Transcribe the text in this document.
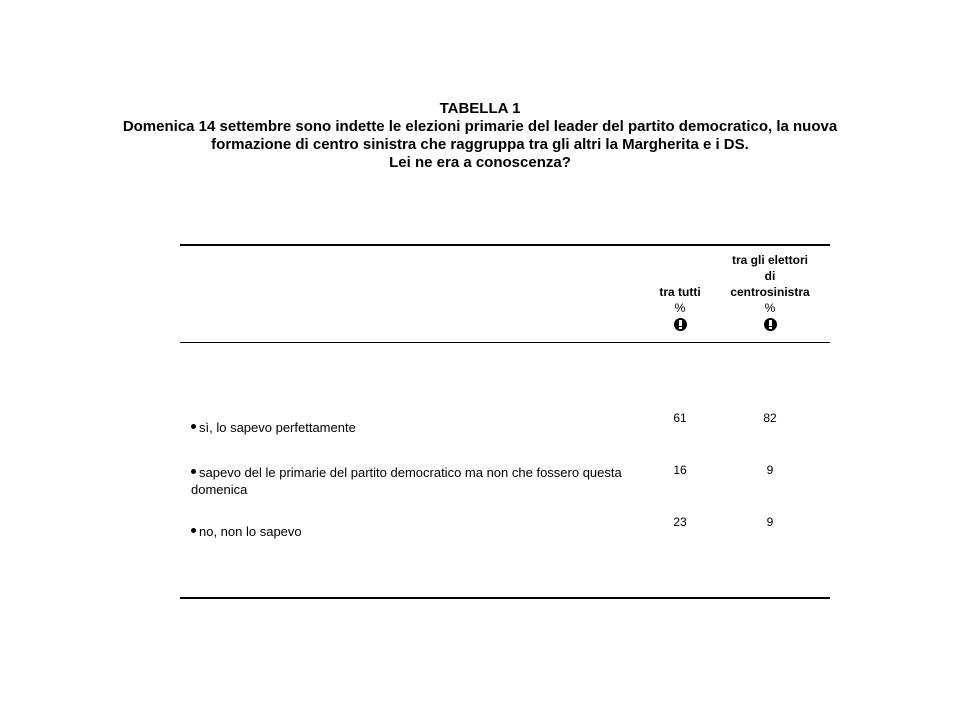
TABELLA 1
Domenica 14 settembre sono indette le elezioni primarie del leader del partito democratico, la nuova
formazione di centro sinistra che raggruppa tra gli altri la Margherita e i DS.
Lei ne era a conoscenza?
tra tutti
%
tra gli elettori
di
centrosinistra
%
sì, lo sapevo perfettamente
61	82
sapevo del le primarie del partito democratico ma non che fossero questa domenica
16	9
no, non lo sapevo
23	9
